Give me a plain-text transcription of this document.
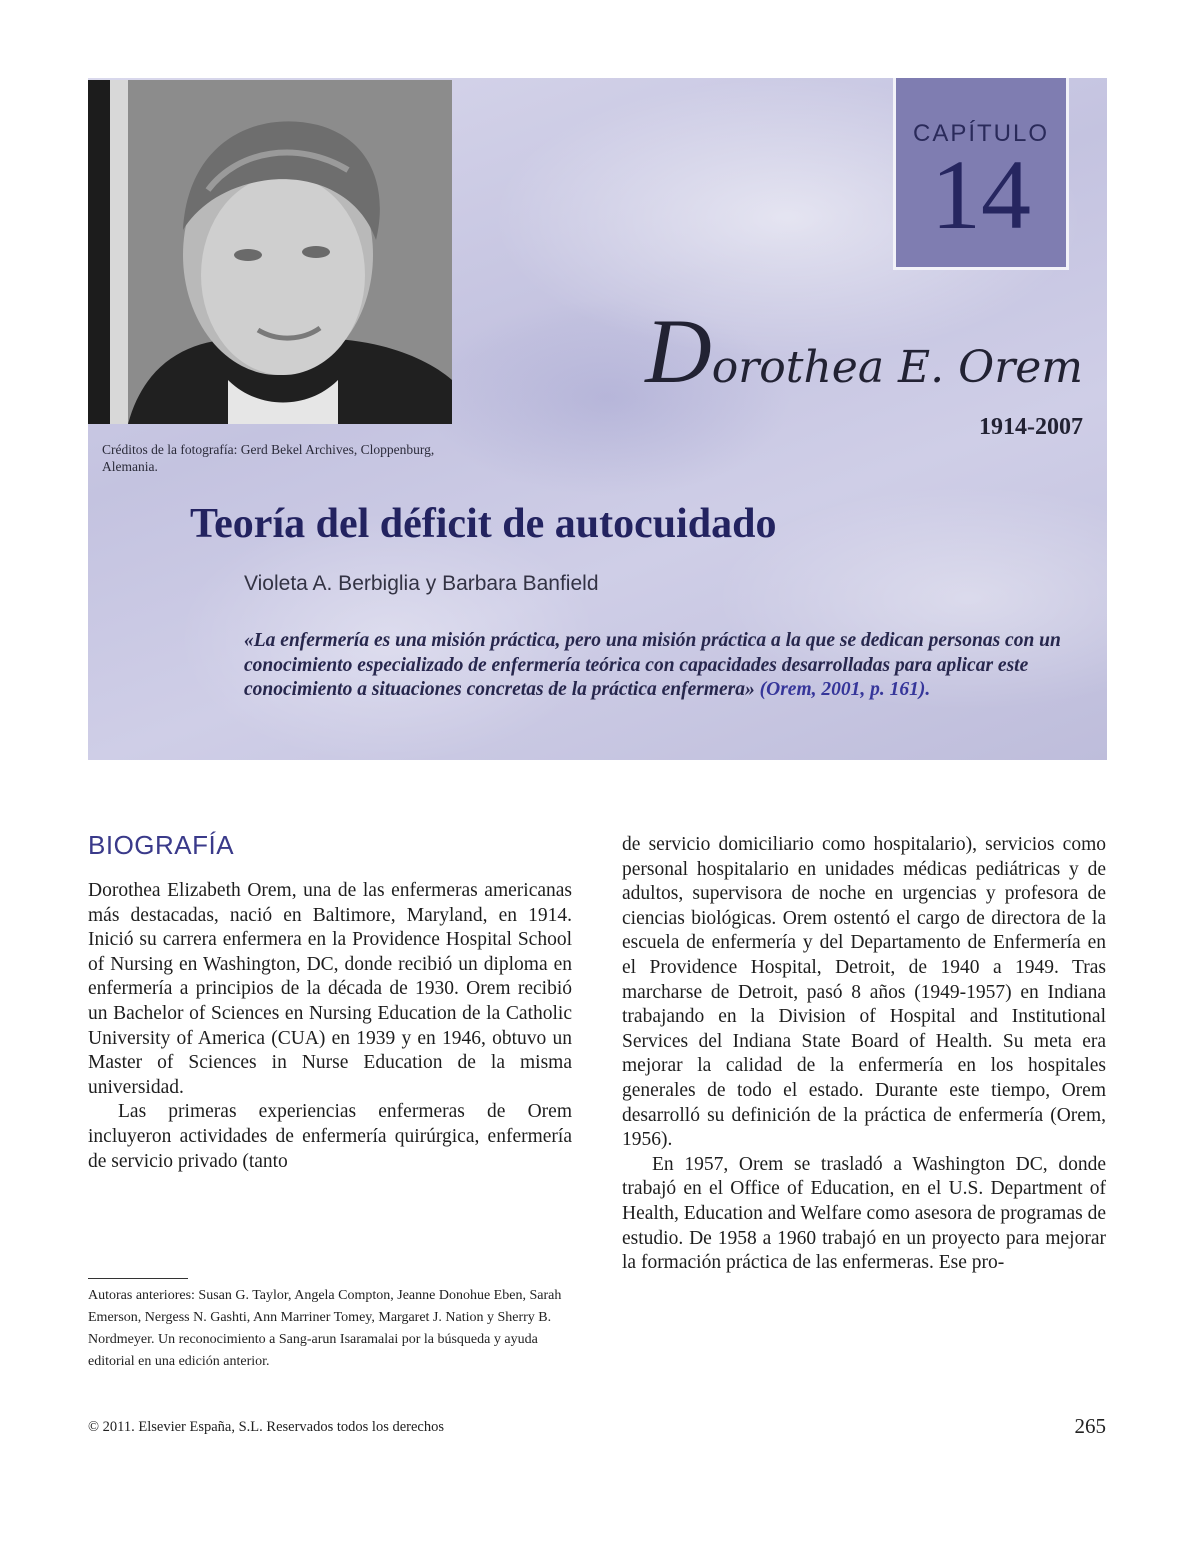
Créditos de la fotografía: Gerd Bekel Archives, Cloppenburg, Alemania.
CAPÍTULO
14
Dorothea E. Orem
1914-2007
Teoría del déficit de autocuidado
Violeta A. Berbiglia y Barbara Banfield
«La enfermería es una misión práctica, pero una misión práctica a la que se dedican personas con un conocimiento especializado de enfermería teórica con capacidades desarrolladas para aplicar este conocimiento a situaciones concretas de la práctica enfermera» (Orem, 2001, p. 161).
BIOGRAFÍA

Dorothea Elizabeth Orem, una de las enfermeras americanas más destacadas, nació en Baltimore, Maryland, en 1914. Inició su carrera enfermera en la Providence Hospital School of Nursing en Washington, DC, donde recibió un diploma en enfermería a principios de la década de 1930. Orem recibió un Bachelor of Sciences en Nursing Education de la Catholic University of America (CUA) en 1939 y en 1946, obtuvo un Master of Sciences in Nurse Education de la misma universidad.

Las primeras experiencias enfermeras de Orem incluyeron actividades de enfermería quirúrgica, enfermería de servicio privado (tanto

de servicio domiciliario como hospitalario), servicios como personal hospitalario en unidades médicas pediátricas y de adultos, supervisora de noche en urgencias y profesora de ciencias biológicas. Orem ostentó el cargo de directora de la escuela de enfermería y del Departamento de Enfermería en el Providence Hospital, Detroit, de 1940 a 1949. Tras marcharse de Detroit, pasó 8 años (1949-1957) en Indiana trabajando en la Division of Hospital and Institutional Services del Indiana State Board of Health. Su meta era mejorar la calidad de la enfermería en los hospitales generales de todo el estado. Durante este tiempo, Orem desarrolló su definición de la práctica de enfermería (Orem, 1956).

En 1957, Orem se trasladó a Washington DC, donde trabajó en el Office of Education, en el U.S. Department of Health, Education and Welfare como asesora de programas de estudio. De 1958 a 1960 trabajó en un proyecto para mejorar la formación práctica de las enfermeras. Ese pro-

Autoras anteriores: Susan G. Taylor, Angela Compton, Jeanne Donohue Eben, Sarah Emerson, Nergess N. Gashti, Ann Marriner Tomey, Margaret J. Nation y Sherry B. Nordmeyer. Un reconocimiento a Sang-arun Isaramalai por la búsqueda y ayuda editorial en una edición anterior.
© 2011. Elsevier España, S.L. Reservados todos los derechos	265
